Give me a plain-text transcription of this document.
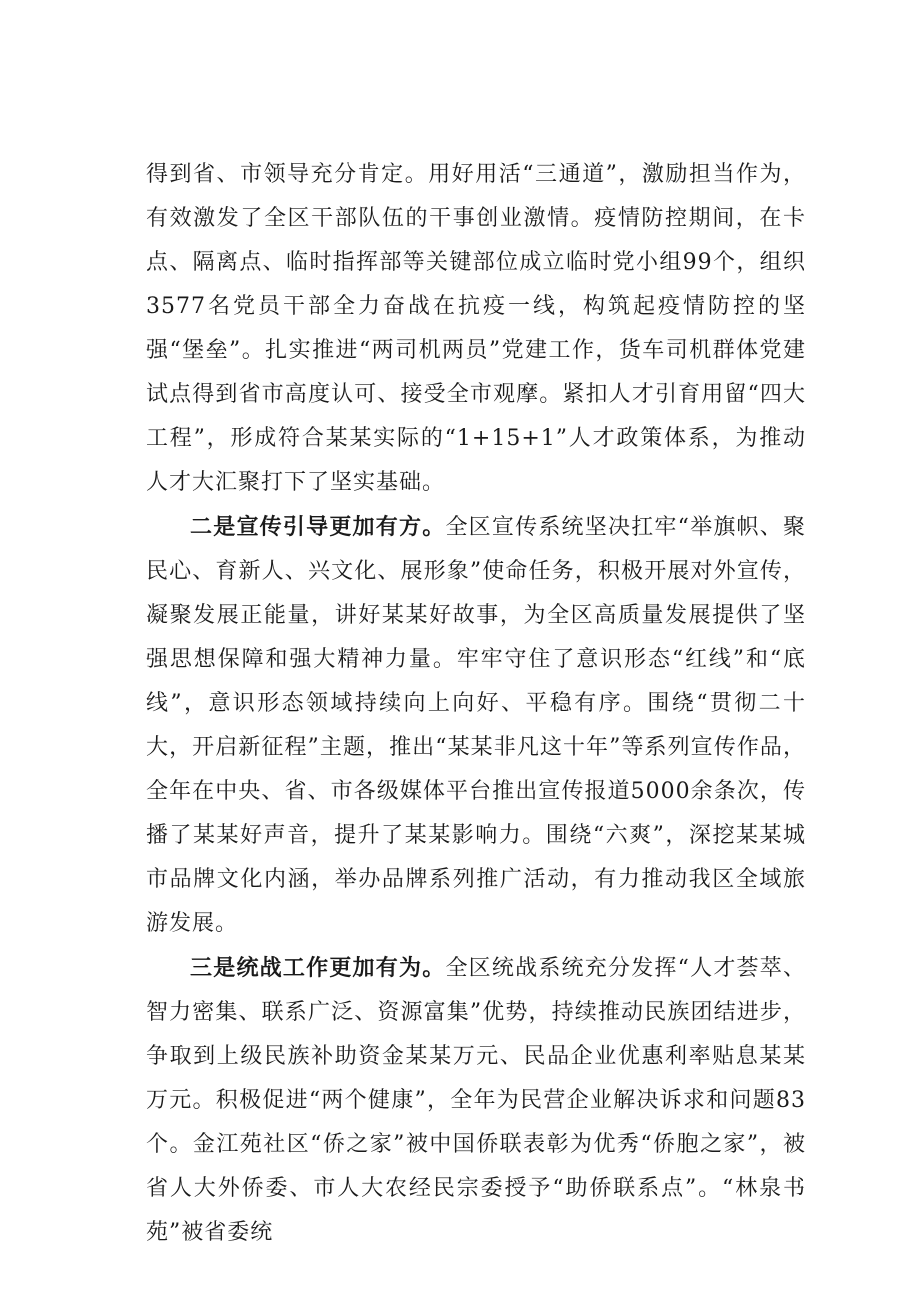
得到省、市领导充分肯定。用好用活“三通道”，激励担当作为，有效激发了全区干部队伍的干事创业激情。疫情防控期间，在卡点、隔离点、临时指挥部等关键部位成立临时党小组99个，组织3577名党员干部全力奋战在抗疫一线，构筑起疫情防控的坚强“堡垒”。扎实推进“两司机两员”党建工作，货车司机群体党建试点得到省市高度认可、接受全市观摩。紧扣人才引育用留“四大工程”，形成符合某某实际的“1+15+1”人才政策体系，为推动人才大汇聚打下了坚实基础。

二是宣传引导更加有方。全区宣传系统坚决扛牢“举旗帜、聚民心、育新人、兴文化、展形象”使命任务，积极开展对外宣传，凝聚发展正能量，讲好某某好故事，为全区高质量发展提供了坚强思想保障和强大精神力量。牢牢守住了意识形态“红线”和“底线”，意识形态领域持续向上向好、平稳有序。围绕“贯彻二十大，开启新征程”主题，推出“某某非凡这十年”等系列宣传作品，全年在中央、省、市各级媒体平台推出宣传报道5000余条次，传播了某某好声音，提升了某某影响力。围绕“六爽”，深挖某某城市品牌文化内涵，举办品牌系列推广活动，有力推动我区全域旅游发展。

三是统战工作更加有为。全区统战系统充分发挥“人才荟萃、智力密集、联系广泛、资源富集”优势，持续推动民族团结进步，争取到上级民族补助资金某某万元、民品企业优惠利率贴息某某万元。积极促进“两个健康”，全年为民营企业解决诉求和问题83个。金江苑社区“侨之家”被中国侨联表彰为优秀“侨胞之家”，被省人大外侨委、市人大农经民宗委授予“助侨联系点”。“林泉书苑”被省委统
